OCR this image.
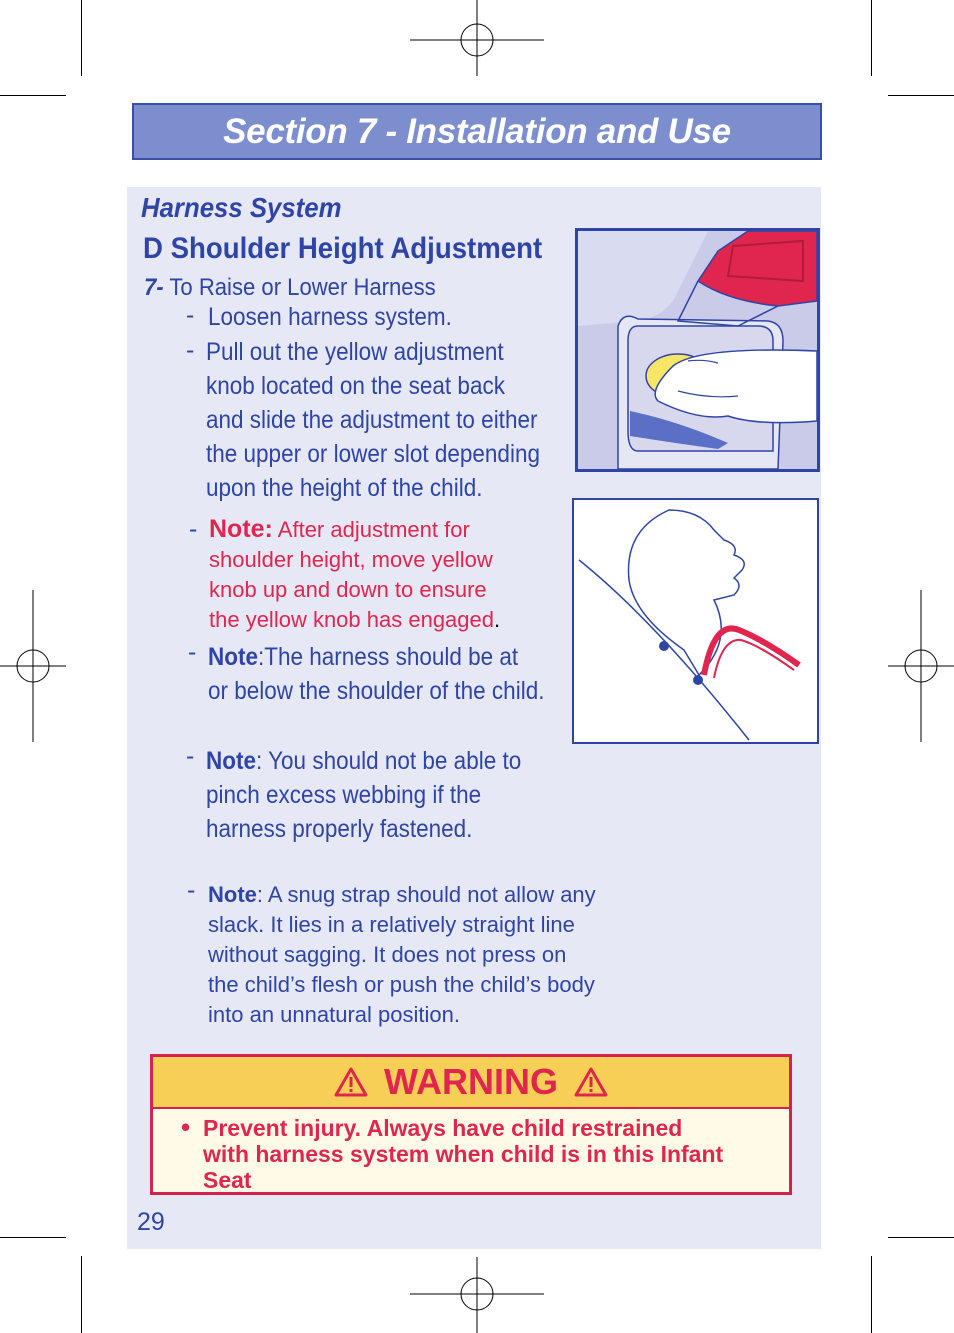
Section 7 - Installation and Use
Harness System
D Shoulder Height Adjustment
7- To Raise or Lower Harness
- Loosen harness system.
- Pull out the yellow adjustment
knob located on the seat back
and slide the adjustment to either
the upper or lower slot depending
upon the height of the child.
- Note: After adjustment for
shoulder height, move yellow
knob up and down to ensure
the yellow knob has engaged.
- Note:The harness should be at
or below the shoulder of the child.
- Note: You should not be able to
pinch excess webbing if the
harness properly fastened.
- Note: A snug strap should not allow any
slack. It lies in a relatively straight line
without sagging. It does not press on
the child’s flesh or push the child’s body
into an unnatural position.
WARNING
• Prevent injury. Always have child restrained
with harness system when child is in this Infant
Seat
29
